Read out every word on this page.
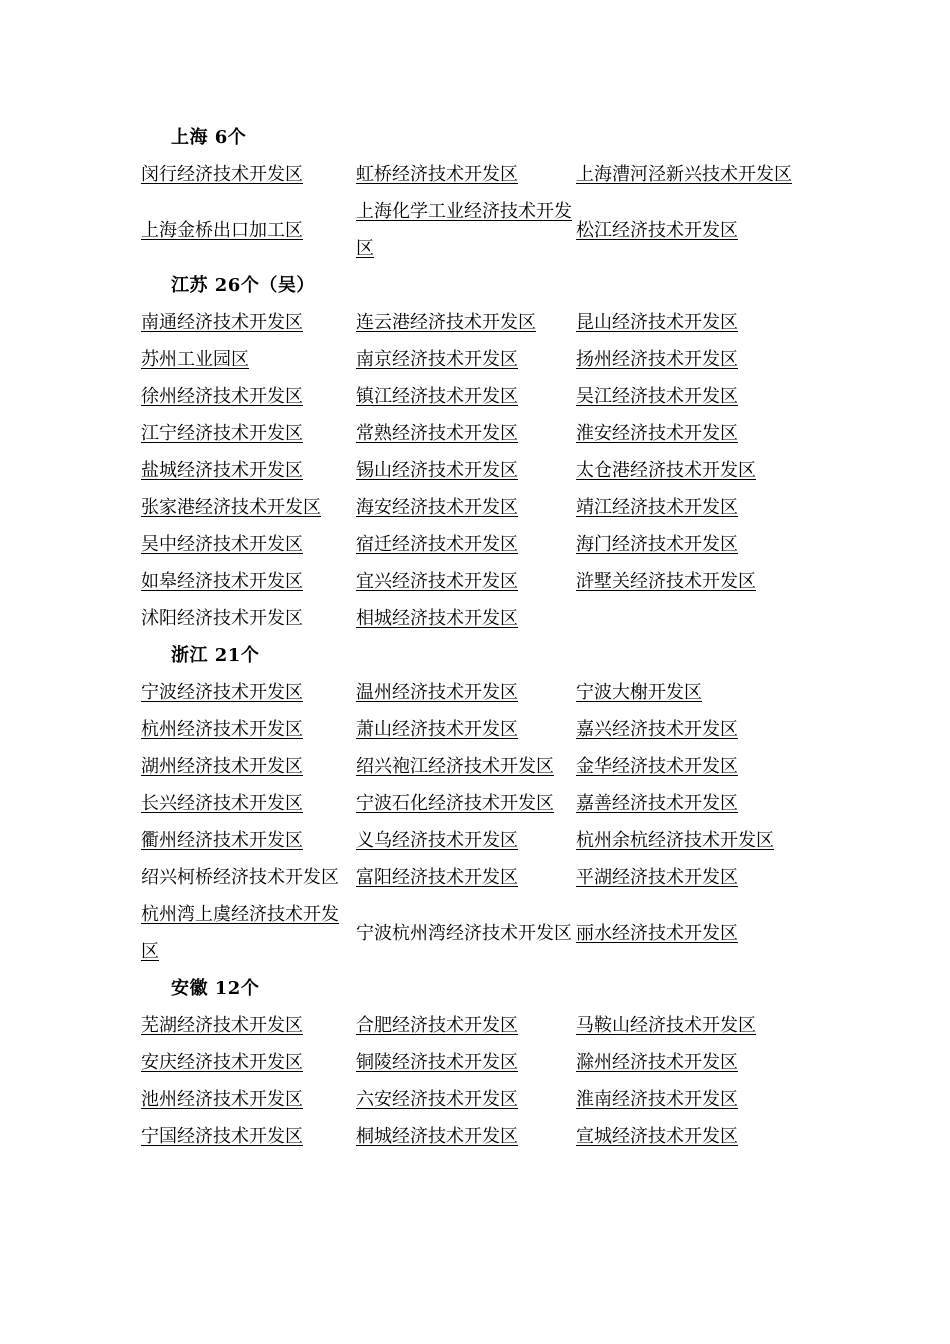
上海 6个
闵行经济技术开发区	虹桥经济技术开发区	上海漕河泾新兴技术开发区
上海金桥出口加工区	上海化学工业经济技术开发区	松江经济技术开发区
江苏 26个（吴）
南通经济技术开发区	连云港经济技术开发区	昆山经济技术开发区
苏州工业园区	南京经济技术开发区	扬州经济技术开发区
徐州经济技术开发区	镇江经济技术开发区	吴江经济技术开发区
江宁经济技术开发区	常熟经济技术开发区	淮安经济技术开发区
盐城经济技术开发区	锡山经济技术开发区	太仓港经济技术开发区
张家港经济技术开发区	海安经济技术开发区	靖江经济技术开发区
吴中经济技术开发区	宿迁经济技术开发区	海门经济技术开发区
如皋经济技术开发区	宜兴经济技术开发区	浒墅关经济技术开发区
沭阳经济技术开发区	相城经济技术开发区	
浙江 21个
宁波经济技术开发区	温州经济技术开发区	宁波大榭开发区
杭州经济技术开发区	萧山经济技术开发区	嘉兴经济技术开发区
湖州经济技术开发区	绍兴袍江经济技术开发区	金华经济技术开发区
长兴经济技术开发区	宁波石化经济技术开发区	嘉善经济技术开发区
衢州经济技术开发区	义乌经济技术开发区	杭州余杭经济技术开发区
绍兴柯桥经济技术开发区	富阳经济技术开发区	平湖经济技术开发区
杭州湾上虞经济技术开发区	宁波杭州湾经济技术开发区	丽水经济技术开发区
安徽 12个
芜湖经济技术开发区	合肥经济技术开发区	马鞍山经济技术开发区
安庆经济技术开发区	铜陵经济技术开发区	滁州经济技术开发区
池州经济技术开发区	六安经济技术开发区	淮南经济技术开发区
宁国经济技术开发区	桐城经济技术开发区	宣城经济技术开发区
